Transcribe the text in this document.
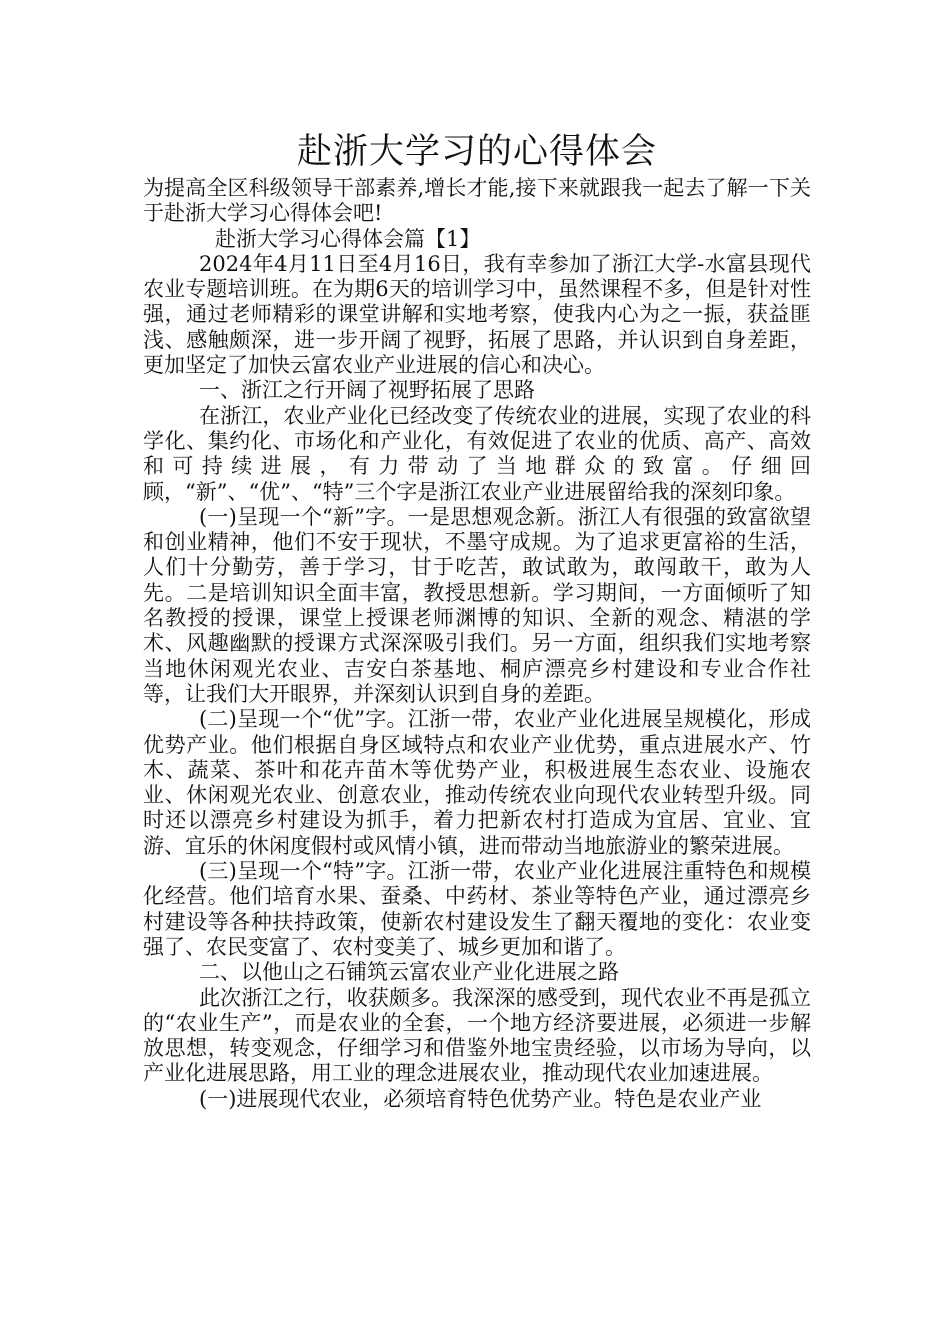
赴浙大学习的心得体会

为提高全区科级领导干部素养,增长才能,接下来就跟我一起去了解一下关于赴浙大学习心得体会吧!

赴浙大学习心得体会篇【1】

2024年4月11日至4月16日，我有幸参加了浙江大学-水富县现代农业专题培训班。在为期6天的培训学习中，虽然课程不多，但是针对性强，通过老师精彩的课堂讲解和实地考察，使我内心为之一振，获益匪浅、感触颇深，进一步开阔了视野，拓展了思路，并认识到自身差距，更加坚定了加快云富农业产业进展的信心和决心。

一、浙江之行开阔了视野拓展了思路

在浙江，农业产业化已经改变了传统农业的进展，实现了农业的科学化、集约化、市场化和产业化，有效促进了农业的优质、高产、高效和可持续进展，有力带动了当地群众的致富。仔细回顾，“新”、“优”、“特”三个字是浙江农业产业进展留给我的深刻印象。

(一)呈现一个“新”字。一是思想观念新。浙江人有很强的致富欲望和创业精神，他们不安于现状，不墨守成规。为了追求更富裕的生活，人们十分勤劳，善于学习，甘于吃苦，敢试敢为，敢闯敢干，敢为人先。二是培训知识全面丰富，教授思想新。学习期间，一方面倾听了知名教授的授课，课堂上授课老师渊博的知识、全新的观念、精湛的学术、风趣幽默的授课方式深深吸引我们。另一方面，组织我们实地考察当地休闲观光农业、吉安白茶基地、桐庐漂亮乡村建设和专业合作社等，让我们大开眼界，并深刻认识到自身的差距。

(二)呈现一个“优”字。江浙一带，农业产业化进展呈规模化，形成优势产业。他们根据自身区域特点和农业产业优势，重点进展水产、竹木、蔬菜、茶叶和花卉苗木等优势产业，积极进展生态农业、设施农业、休闲观光农业、创意农业，推动传统农业向现代农业转型升级。同时还以漂亮乡村建设为抓手，着力把新农村打造成为宜居、宜业、宜游、宜乐的休闲度假村或风情小镇，进而带动当地旅游业的繁荣进展。

(三)呈现一个“特”字。江浙一带，农业产业化进展注重特色和规模化经营。他们培育水果、蚕桑、中药材、茶业等特色产业，通过漂亮乡村建设等各种扶持政策，使新农村建设发生了翻天覆地的变化：农业变强了、农民变富了、农村变美了、城乡更加和谐了。

二、以他山之石铺筑云富农业产业化进展之路

此次浙江之行，收获颇多。我深深的感受到，现代农业不再是孤立的“农业生产”，而是农业的全套，一个地方经济要进展，必须进一步解放思想，转变观念，仔细学习和借鉴外地宝贵经验，以市场为导向，以产业化进展思路，用工业的理念进展农业，推动现代农业加速进展。

(一)进展现代农业，必须培育特色优势产业。特色是农业产业
